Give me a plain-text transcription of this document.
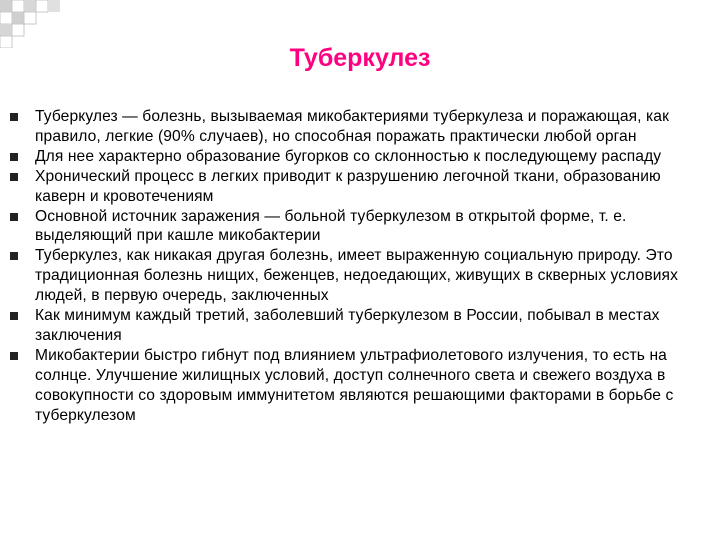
Туберкулез
Туберкулез — болезнь, вызываемая микобактериями туберкулеза и поражающая, как правило, легкие (90% случаев), но способная поражать практически любой орган
Для нее характерно образование бугорков со склонностью к последующему распаду
Хронический процесс в легких приводит к разрушению легочной ткани, образованию каверн и кровотечениям
Основной источник заражения — больной туберкулезом в открытой форме, т. е. выделяющий при кашле микобактерии
Туберкулез, как никакая другая болезнь, имеет выраженную социальную природу. Это традиционная болезнь нищих, беженцев, недоедающих, живущих в скверных условиях людей, в первую очередь, заключенных
Как минимум каждый третий, заболевший туберкулезом в России, побывал в местах заключения
Микобактерии быстро гибнут под влиянием ультрафиолетового излучения, то есть на солнце. Улучшение жилищных условий, доступ солнечного света и свежего воздуха в совокупности со здоровым иммунитетом являются решающими факторами в борьбе с туберкулезом
